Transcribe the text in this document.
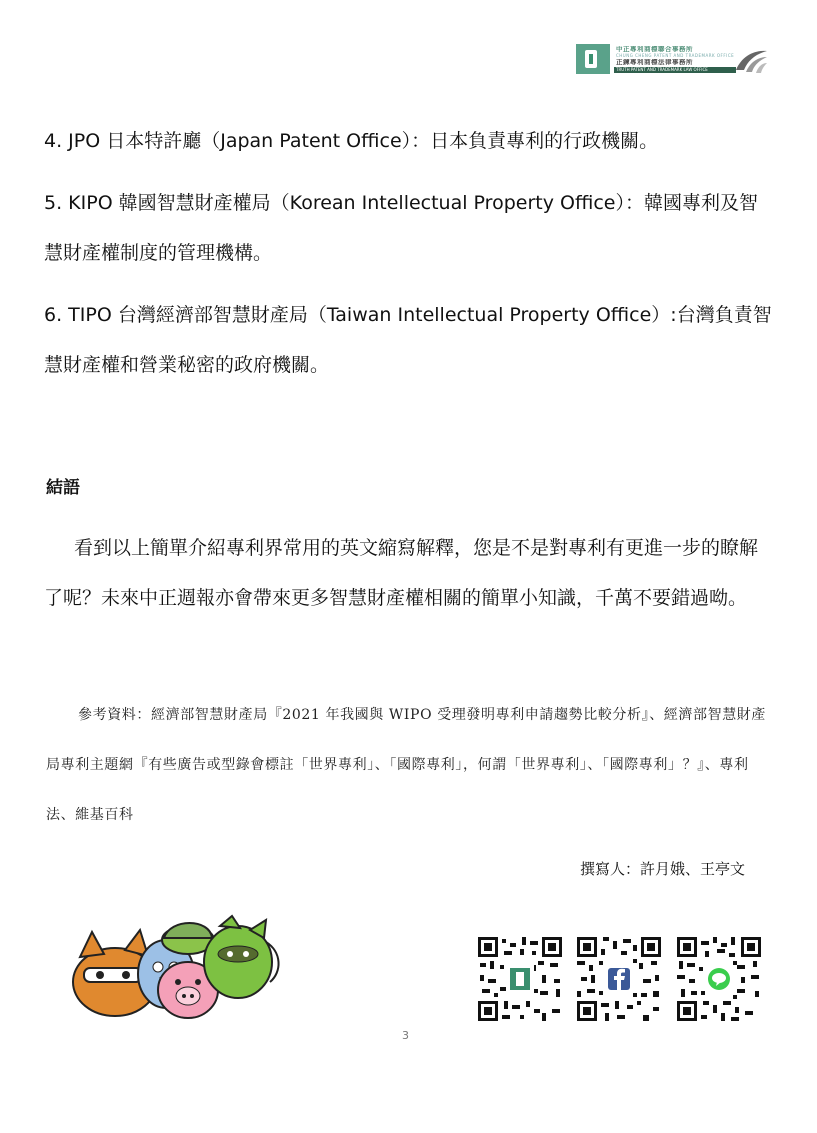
中正專利商標聯合事務所
CHUNG CHENG PATENT AND TRADEMARK OFFICE
正鍊專利商標法律事務所
TRUTH PATENT AND TRADEMARK LAW OFFICE

4. JPO 日本特許廳（Japan Patent Office）：日本負責專利的行政機關。

5. KIPO 韓國智慧財產權局（Korean Intellectual Property Office）：韓國專利及智慧財產權制度的管理機構。

6. TIPO 台灣經濟部智慧財產局（Taiwan Intellectual Property Office）:台灣負責智慧財產權和營業秘密的政府機關。

結語

看到以上簡單介紹專利界常用的英文縮寫解釋，您是不是對專利有更進一步的瞭解了呢？未來中正週報亦會帶來更多智慧財產權相關的簡單小知識，千萬不要錯過呦。

參考資料：經濟部智慧財產局『2021 年我國與 WIPO 受理發明專利申請趨勢比較分析』、經濟部智慧財產局專利主題網『有些廣告或型錄會標註「世界專利」、「國際專利」，何謂「世界專利」、「國際專利」？』、專利法、維基百科

撰寫人：許月娥、王亭文
3
